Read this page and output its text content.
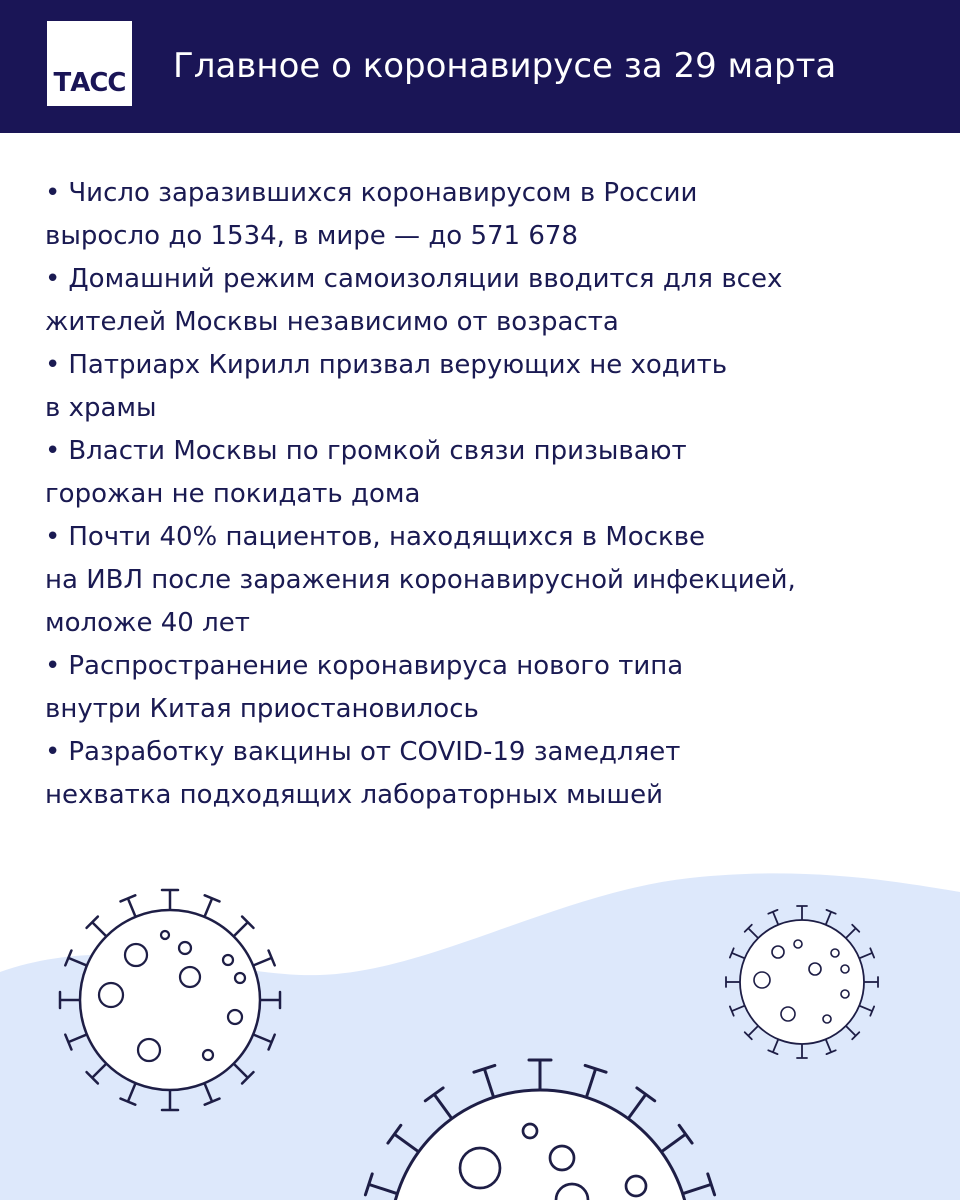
ТАСС Главное о коронавирусе за 29 марта
• Число заразившихся коронавирусом в России
выросло до 1534, в мире — до 571 678
• Домашний режим самоизоляции вводится для всех
жителей Москвы независимо от возраста
• Патриарх Кирилл призвал верующих не ходить
в храмы
• Власти Москвы по громкой связи призывают
горожан не покидать дома
• Почти 40% пациентов, находящихся в Москве
на ИВЛ после заражения коронавирусной инфекцией,
моложе 40 лет
• Распространение коронавируса нового типа
внутри Китая приостановилось
• Разработку вакцины от COVID-19 замедляет
нехватка подходящих лабораторных мышей
